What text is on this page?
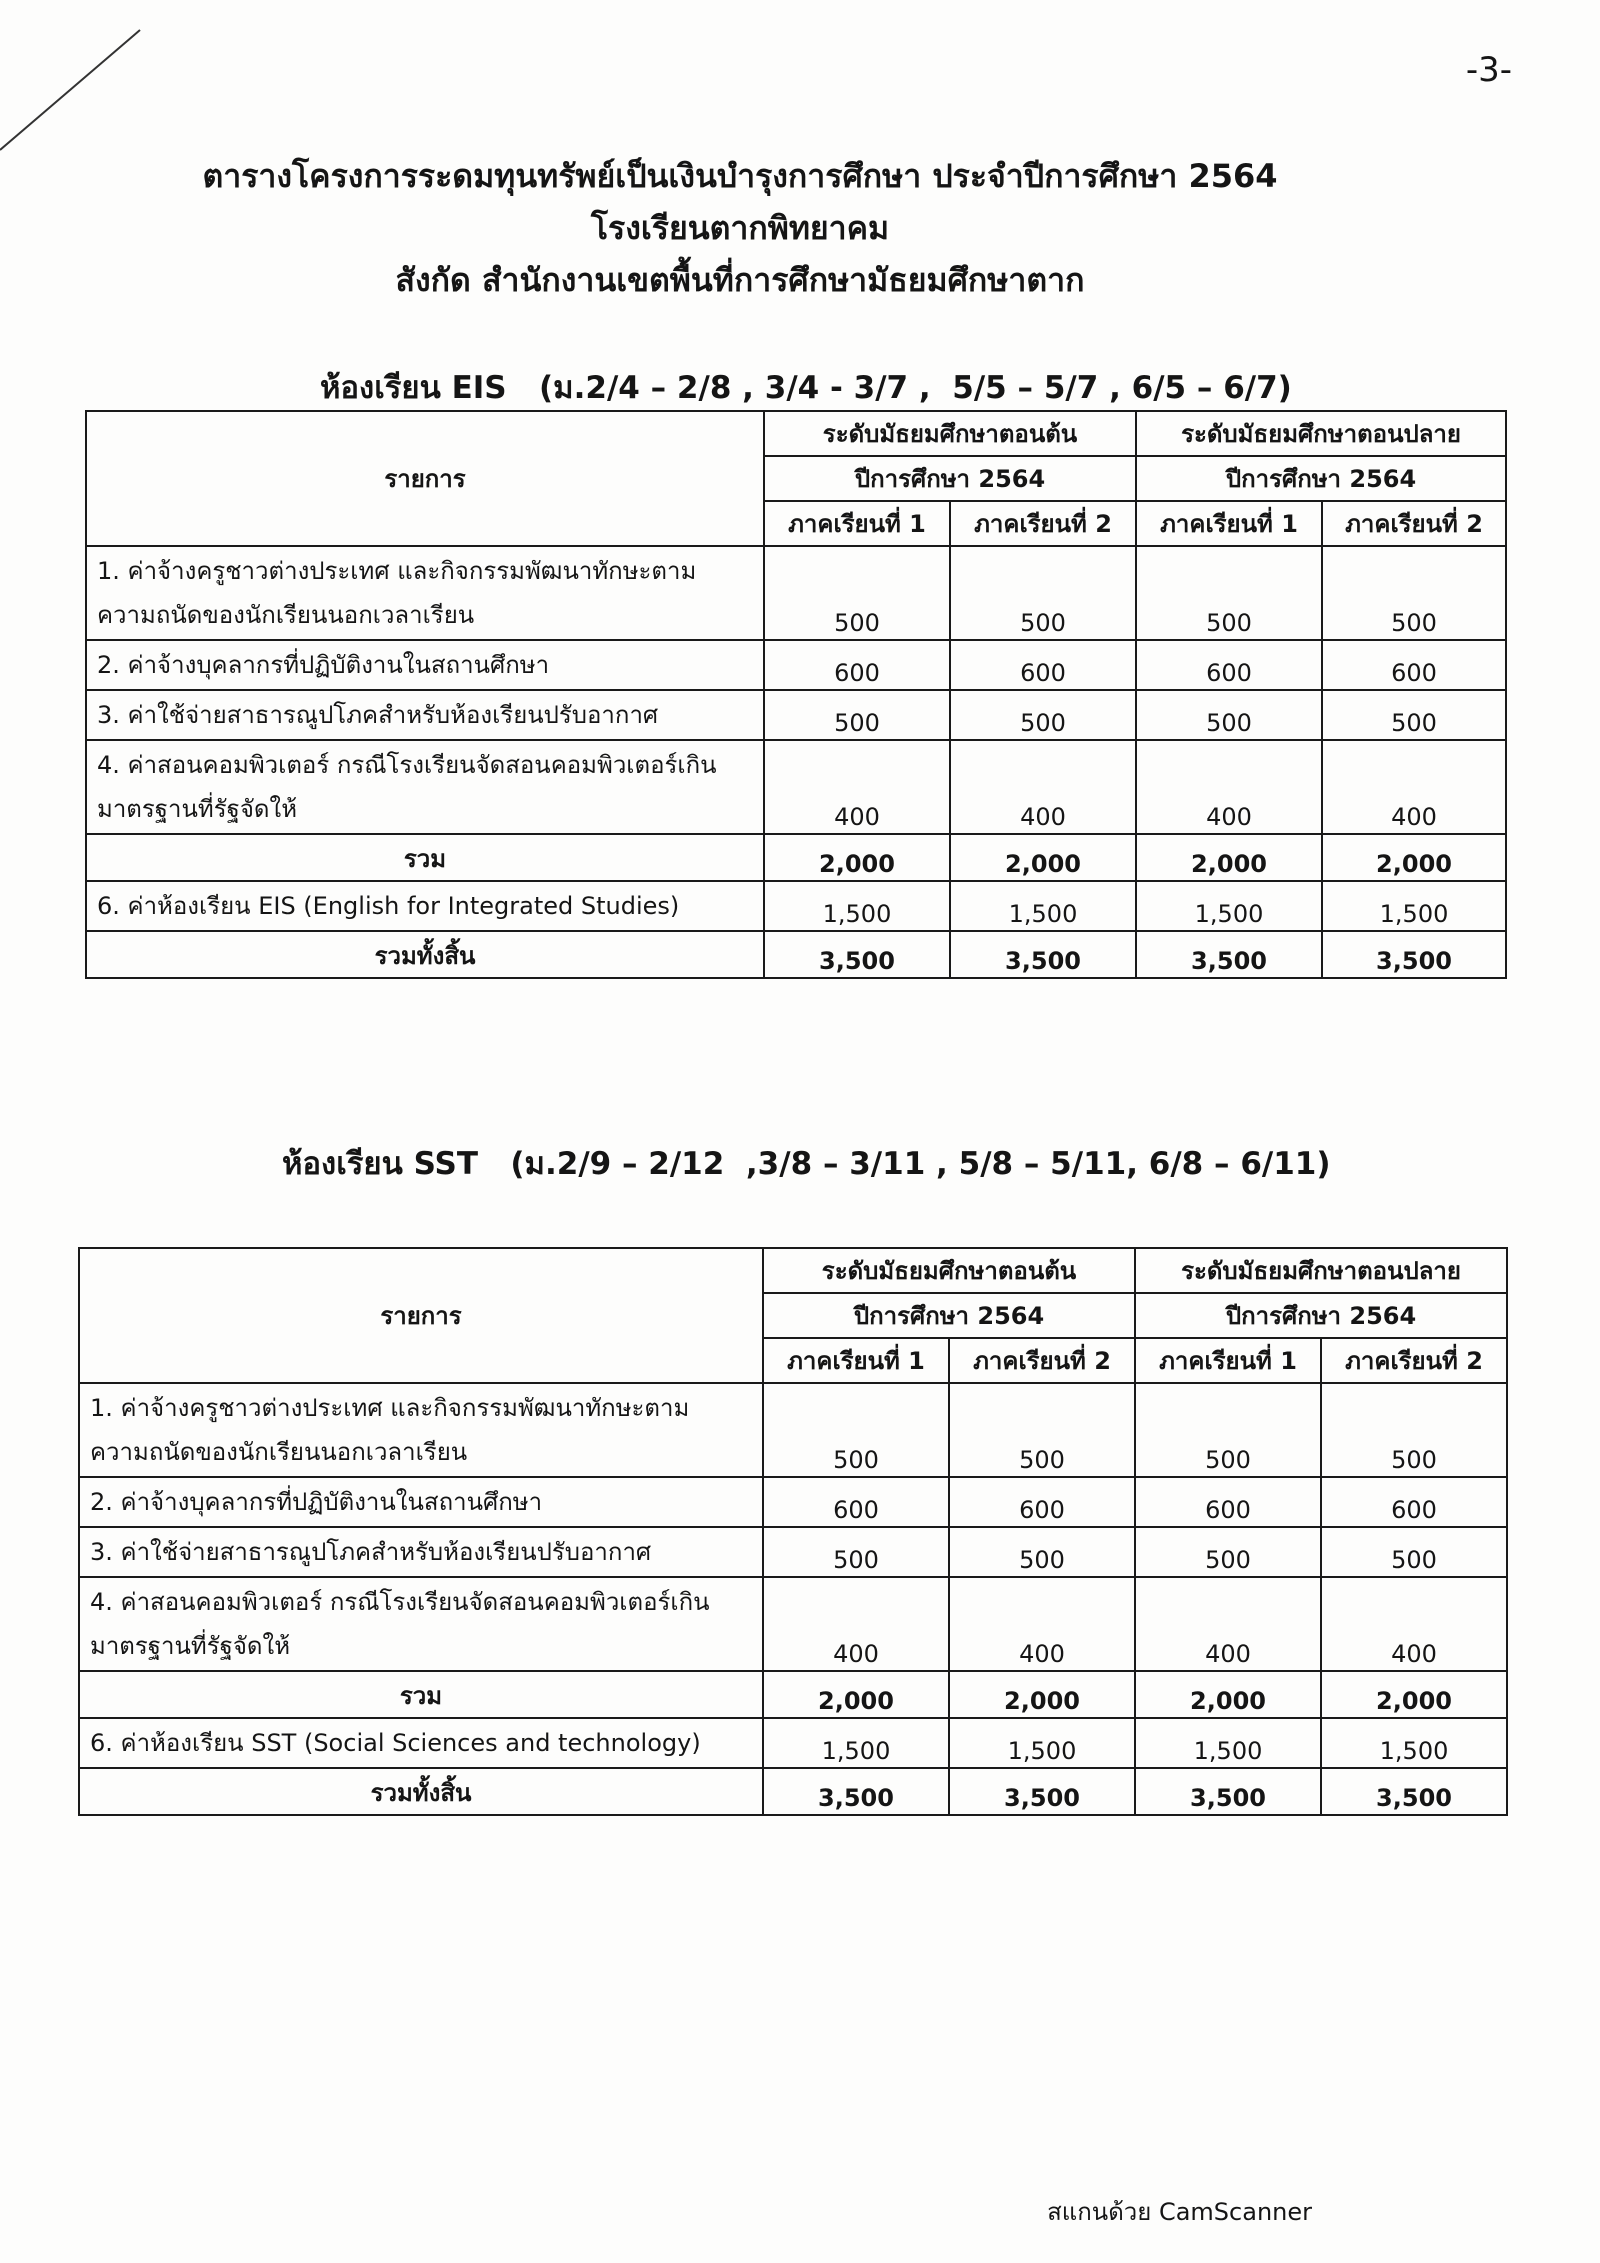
-3-
ตารางโครงการระดมทุนทรัพย์เป็นเงินบำรุงการศึกษา ประจำปีการศึกษา 2564
โรงเรียนตากพิทยาคม
สังกัด สำนักงานเขตพื้นที่การศึกษามัธยมศึกษาตาก
ห้องเรียน EIS   (ม.2/4 – 2/8 , 3/4 - 3/7 ,  5/5 – 5/7 , 6/5 – 6/7)
รายการ	ระดับมัธยมศึกษาตอนต้น		ระดับมัธยมศึกษาตอนปลาย	
	ปีการศึกษา 2564		ปีการศึกษา 2564	
	ภาคเรียนที่ 1	ภาคเรียนที่ 2	ภาคเรียนที่ 1	ภาคเรียนที่ 2

1. ค่าจ้างครูชาวต่างประเทศ และกิจกรรมพัฒนาทักษะตาม
ความถนัดของนักเรียนนอกเวลาเรียน	500	500	500	500
2. ค่าจ้างบุคลากรที่ปฏิบัติงานในสถานศึกษา	600	600	600	600
3. ค่าใช้จ่ายสาธารณูปโภคสำหรับห้องเรียนปรับอากาศ	500	500	500	500

4. ค่าสอนคอมพิวเตอร์ กรณีโรงเรียนจัดสอนคอมพิวเตอร์เกิน
มาตรฐานที่รัฐจัดให้	400	400	400	400
รวม	2,000	2,000	2,000	2,000
6. ค่าห้องเรียน EIS (English for Integrated Studies)	1,500	1,500	1,500	1,500
รวมทั้งสิ้น	3,500	3,500	3,500	3,500
ห้องเรียน SST   (ม.2/9 – 2/12  ,3/8 – 3/11 , 5/8 – 5/11, 6/8 – 6/11)
รายการ	ระดับมัธยมศึกษาตอนต้น		ระดับมัธยมศึกษาตอนปลาย	
	ปีการศึกษา 2564		ปีการศึกษา 2564	
	ภาคเรียนที่ 1	ภาคเรียนที่ 2	ภาคเรียนที่ 1	ภาคเรียนที่ 2

1. ค่าจ้างครูชาวต่างประเทศ และกิจกรรมพัฒนาทักษะตาม
ความถนัดของนักเรียนนอกเวลาเรียน	500	500	500	500
2. ค่าจ้างบุคลากรที่ปฏิบัติงานในสถานศึกษา	600	600	600	600
3. ค่าใช้จ่ายสาธารณูปโภคสำหรับห้องเรียนปรับอากาศ	500	500	500	500

4. ค่าสอนคอมพิวเตอร์ กรณีโรงเรียนจัดสอนคอมพิวเตอร์เกิน
มาตรฐานที่รัฐจัดให้	400	400	400	400
รวม	2,000	2,000	2,000	2,000
6. ค่าห้องเรียน SST (Social Sciences and technology)	1,500	1,500	1,500	1,500
รวมทั้งสิ้น	3,500	3,500	3,500	3,500
สแกนด้วย CamScanner
